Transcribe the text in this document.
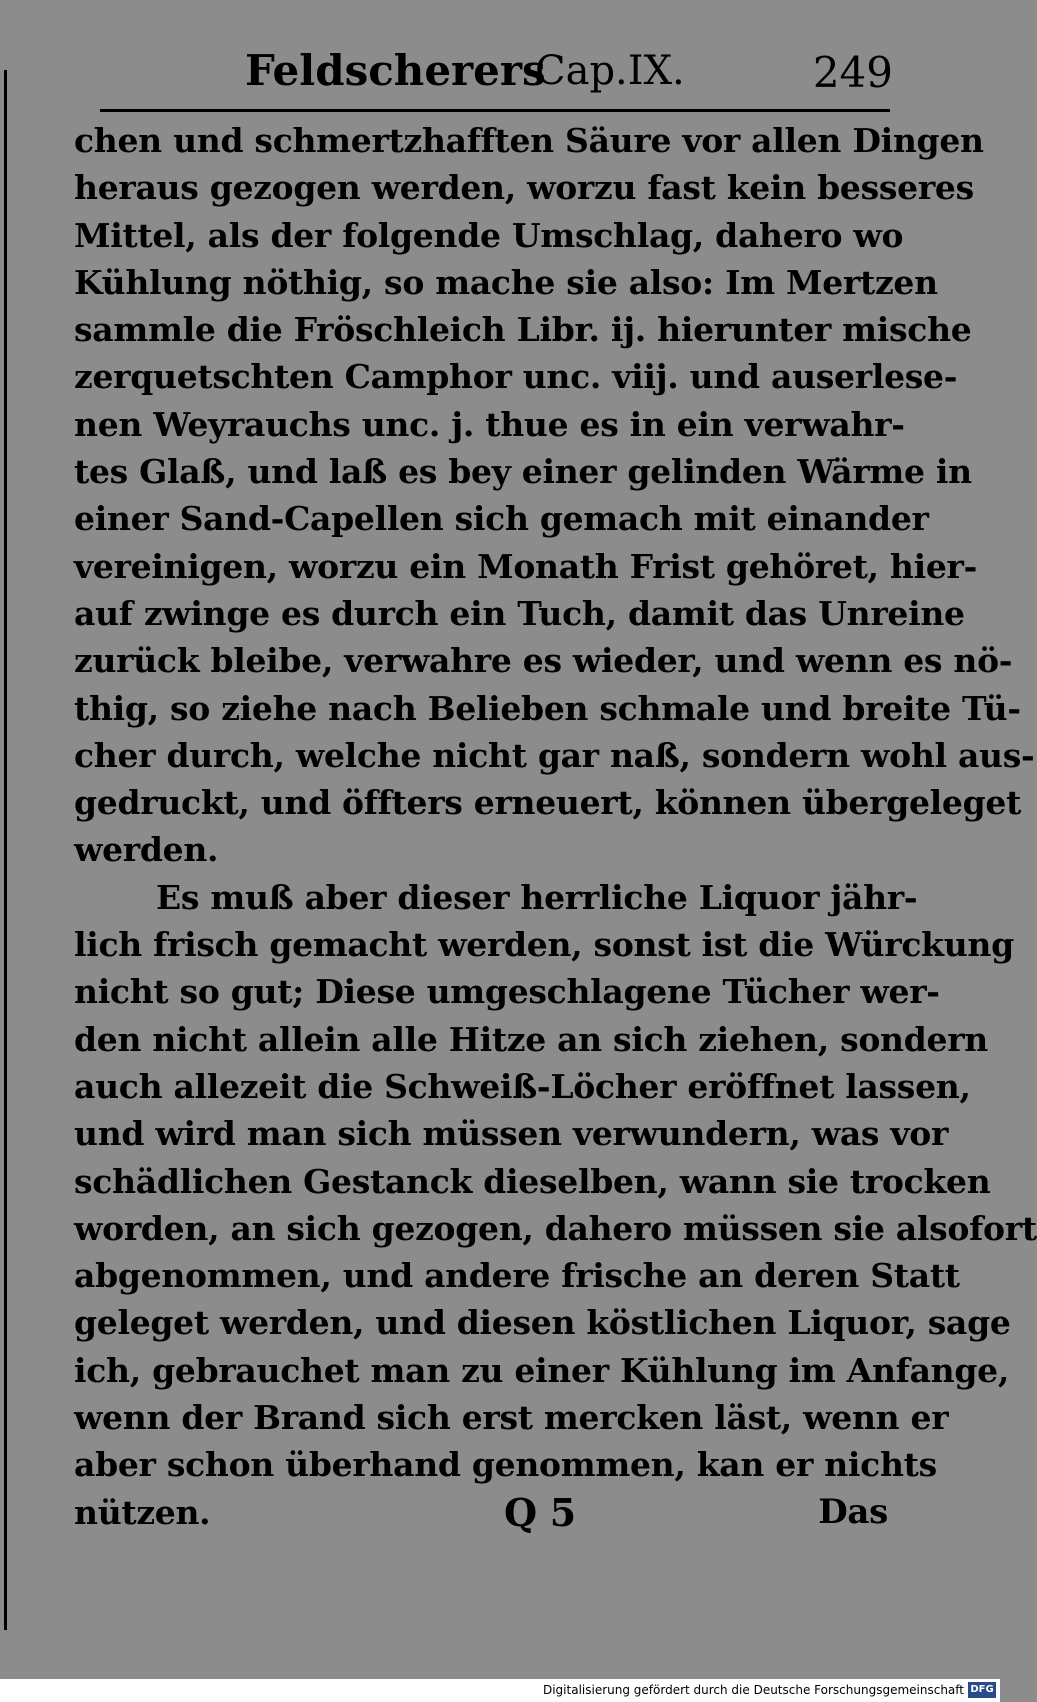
Feldscherers
Cap.IX.	249
chen und schmertzhafften Säure vor allen Dingen
heraus gezogen werden, worzu fast kein besseres
Mittel, als der folgende Umschlag, dahero wo
Kühlung nöthig, so mache sie also: Im Mertzen
sammle die Fröschleich Libr. ij. hierunter mische
zerquetschten Camphor unc. viij. und auserlese-
nen Weyrauchs unc. j. thue es in ein verwahr-
tes Glaß, und laß es bey einer gelinden Wärme in
einer Sand-Capellen sich gemach mit einander
vereinigen, worzu ein Monath Frist gehöret, hier-
auf zwinge es durch ein Tuch, damit das Unreine
zurück bleibe, verwahre es wieder, und wenn es nö-
thig, so ziehe nach Belieben schmale und breite Tü-
cher durch, welche nicht gar naß, sondern wohl aus-
gedruckt, und öffters erneuert, können übergeleget
werden.
Es muß aber dieser herrliche Liquor jähr-
lich frisch gemacht werden, sonst ist die Würckung
nicht so gut; Diese umgeschlagene Tücher wer-
den nicht allein alle Hitze an sich ziehen, sondern
auch allezeit die Schweiß-Löcher eröffnet lassen,
und wird man sich müssen verwundern, was vor
schädlichen Gestanck dieselben, wann sie trocken
worden, an sich gezogen, dahero müssen sie alsofort
abgenommen, und andere frische an deren Statt
geleget werden, und diesen köstlichen Liquor, sage
ich, gebrauchet man zu einer Kühlung im Anfange,
wenn der Brand sich erst mercken läst, wenn er
aber schon überhand genommen, kan er nichts
nützen.	Q 5	Das
Digitalisierung gefördert durch die Deutsche Forschungsgemeinschaft DFG
